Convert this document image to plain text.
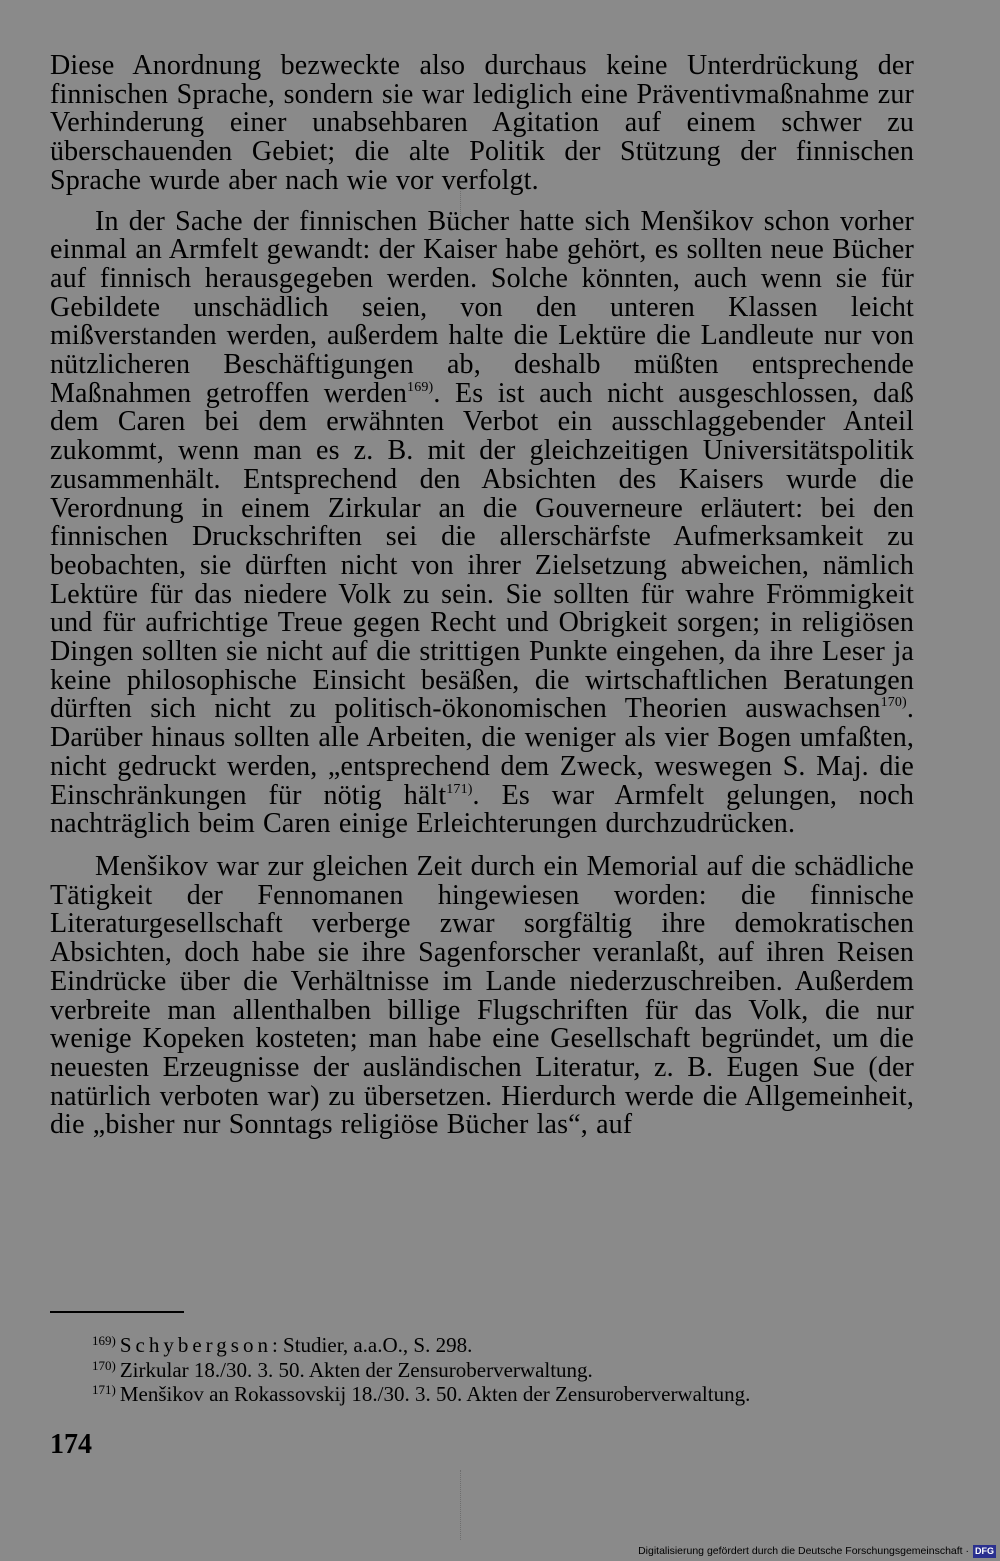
Diese Anordnung bezweckte also durchaus keine Unterdrückung der finnischen Sprache, sondern sie war lediglich eine Präventivmaßnahme zur Verhinderung einer unabsehbaren Agitation auf einem schwer zu überschauenden Gebiet; die alte Politik der Stützung der finnischen Sprache wurde aber nach wie vor verfolgt.

In der Sache der finnischen Bücher hatte sich Menšikov schon vorher einmal an Armfelt gewandt: der Kaiser habe gehört, es sollten neue Bücher auf finnisch herausgegeben werden. Solche könnten, auch wenn sie für Gebildete unschädlich seien, von den unteren Klassen leicht mißverstanden werden, außerdem halte die Lektüre die Landleute nur von nützlicheren Beschäftigungen ab, deshalb müßten entsprechende Maßnahmen getroffen werden$^{169)}$. Es ist auch nicht ausgeschlossen, daß dem Caren bei dem erwähnten Verbot ein ausschlaggebender Anteil zukommt, wenn man es z. B. mit der gleichzeitigen Universitätspolitik zusammenhält. Entsprechend den Absichten des Kaisers wurde die Verordnung in einem Zirkular an die Gouverneure erläutert: bei den finnischen Druckschriften sei die allerschärfste Aufmerksamkeit zu beobachten, sie dürften nicht von ihrer Zielsetzung abweichen, nämlich Lektüre für das niedere Volk zu sein. Sie sollten für wahre Frömmigkeit und für aufrichtige Treue gegen Recht und Obrigkeit sorgen; in religiösen Dingen sollten sie nicht auf die strittigen Punkte eingehen, da ihre Leser ja keine philosophische Einsicht besäßen, die wirtschaftlichen Beratungen dürften sich nicht zu politisch-ökonomischen Theorien auswachsen$^{170)}$. Darüber hinaus sollten alle Arbeiten, die weniger als vier Bogen umfaßten, nicht gedruckt werden, „entsprechend dem Zweck, weswegen S. Maj. die Einschränkungen für nötig hält$^{171)}$. Es war Armfelt gelungen, noch nachträglich beim Caren einige Erleichterungen durchzudrücken.

Menšikov war zur gleichen Zeit durch ein Memorial auf die schädliche Tätigkeit der Fennomanen hingewiesen worden: die finnische Literaturgesellschaft verberge zwar sorgfältig ihre demokratischen Absichten, doch habe sie ihre Sagenforscher veranlaßt, auf ihren Reisen Eindrücke über die Verhältnisse im Lande niederzuschreiben. Außerdem verbreite man allenthalben billige Flugschriften für das Volk, die nur wenige Kopeken kosteten; man habe eine Gesellschaft begründet, um die neuesten Erzeugnisse der ausländischen Literatur, z. B. Eugen Sue (der natürlich verboten war) zu übersetzen. Hierdurch werde die Allgemeinheit, die „bisher nur Sonntags religiöse Bücher las“, auf

$^{169)}$ Schybergson: Studier, a.a.O., S. 298.

$^{170)}$ Zirkular 18./30. 3. 50. Akten der Zensuroberverwaltung.

$^{171)}$ Menšikov an Rokassovskij 18./30. 3. 50. Akten der Zensuroberverwaltung.

174
Digitalisierung gefördert durch die Deutsche Forschungsgemeinschaft · DFG
